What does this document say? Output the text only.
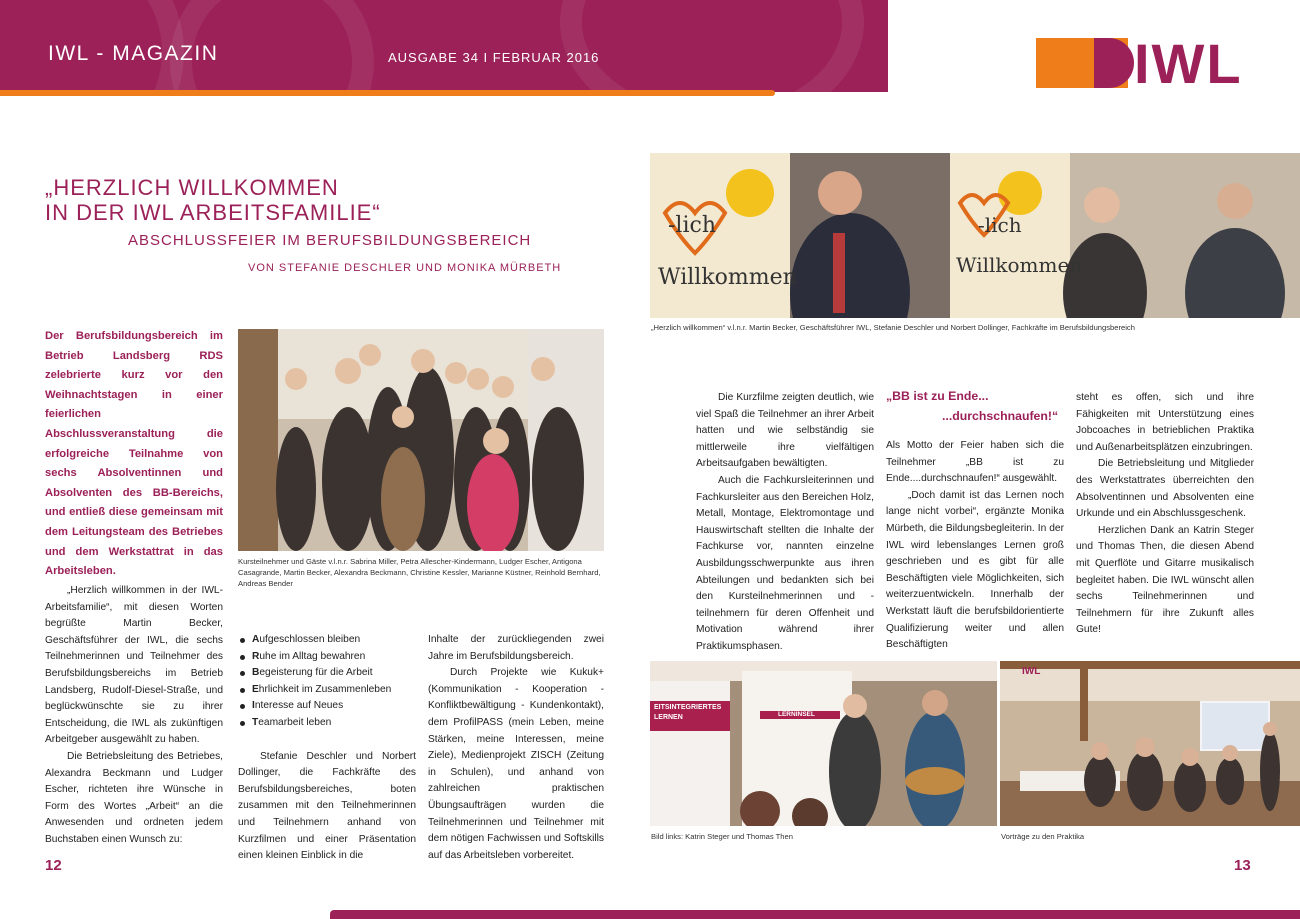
IWL - MAGAZIN	AUSGABE 34 I FEBRUAR 2016	IWL
„HERZLICH WILLKOMMEN
IN DER IWL ARBEITSFAMILIE“
ABSCHLUSSFEIER IM BERUFSBILDUNGSBEREICH
VON STEFANIE DESCHLER UND MONIKA MÜRBETH
Der Berufsbildungsbereich im Betrieb Landsberg RDS zelebrierte kurz vor den Weihnachtstagen in einer feierlichen Abschlussveranstaltung die erfolgreiche Teilnahme von sechs Absolventinnen und Absolventen des BB-Bereichs, und entließ diese gemeinsam mit dem Leitungsteam des Betriebes und dem Werkstattrat in das Arbeitsleben.
Kursteilnehmer und Gäste v.l.n.r. Sabrina Miller, Petra Allescher-Kindermann, Ludger Escher, Antigona Casagrande, Martin Becker, Alexandra Beckmann, Christine Kessler, Marianne Küstner, Reinhold Bernhard, Andreas Bender

„Herzlich willkommen in der IWL-Arbeitsfamilie“, mit diesen Worten begrüßte Martin Becker, Geschäftsführer der IWL, die sechs Teilnehmerinnen und Teilnehmer des Berufsbildungsbereichs im Betrieb Landsberg, Rudolf-Diesel-Straße, und beglückwünschte sie zu ihrer Entscheidung, die IWL als zukünftigen Arbeitgeber ausgewählt zu haben.

Die Betriebsleitung des Betriebes, Alexandra Beckmann und Ludger Escher, richteten ihre Wünsche in Form des Wortes „Arbeit“ an die Anwesenden und ordneten jedem Buchstaben einen Wunsch zu:

Aufgeschlossen bleiben
Ruhe im Alltag bewahren
Begeisterung für die Arbeit
Ehrlichkeit im Zusammenleben
Interesse auf Neues
Teamarbeit leben

Stefanie Deschler und Norbert Dollinger, die Fachkräfte des Berufsbildungsbereiches, boten zusammen mit den Teilnehmerinnen und Teilnehmern anhand von Kurzfilmen und einer Präsentation einen kleinen Einblick in die

Inhalte der zurückliegenden zwei Jahre im Berufsbildungsbereich.

Durch Projekte wie Kukuk+ (Kommunikation - Kooperation - Konfliktbewältigung - Kundenkontakt), dem ProfilPASS (mein Leben, meine Stärken, meine Interessen, meine Ziele), Medienprojekt ZISCH (Zeitung in Schulen), und anhand von zahlreichen praktischen Übungsaufträgen wurden die Teilnehmerinnen und Teilnehmer mit dem nötigen Fachwissen und Softskills auf das Arbeitsleben vorbereitet.

-lich
Willkommen
-lich
Willkommen
„Herzlich willkommen“ v.l.n.r. Martin Becker, Geschäftsführer IWL, Stefanie Deschler und Norbert Dollinger, Fachkräfte im Berufsbildungsbereich

Die Kurzfilme zeigten deutlich, wie viel Spaß die Teilnehmer an ihrer Arbeit hatten und wie selbständig sie mittlerweile ihre vielfältigen Arbeitsaufgaben bewältigten.

Auch die Fachkursleiterinnen und Fachkursleiter aus den Bereichen Holz, Metall, Montage, Elektromontage und Hauswirtschaft stellten die Inhalte der Fachkurse vor, nannten einzelne Ausbildungsschwerpunkte aus ihren Abteilungen und bedankten sich bei den Kursteilnehmerinnen und -teilnehmern für deren Offenheit und Motivation während ihrer Praktikumsphasen.

„BB ist zu Ende...
...durchschnaufen!“

Als Motto der Feier haben sich die Teilnehmer „BB ist zu Ende....durchschnaufen!“ ausgewählt.

„Doch damit ist das Lernen noch lange nicht vorbei“, ergänzte Monika Mürbeth, die Bildungsbegleiterin. In der IWL wird lebenslanges Lernen groß geschrieben und es gibt für alle Beschäftigten viele Möglichkeiten, sich weiterzuentwickeln. Innerhalb der Werkstatt läuft die berufsbildorientierte Qualifizierung weiter und allen Beschäftigten

steht es offen, sich und ihre Fähigkeiten mit Unterstützung eines Jobcoaches in betrieblichen Praktika und Außenarbeitsplätzen einzubringen.

Die Betriebsleitung und Mitglieder des Werkstattrates überreichten den Absolventinnen und Absolventen eine Urkunde und ein Abschlussgeschenk.

Herzlichen Dank an Katrin Steger und Thomas Then, die diesen Abend mit Querflöte und Gitarre musikalisch begleitet haben. Die IWL wünscht allen sechs Teilnehmerinnen und Teilnehmern für ihre Zukunft alles Gute!

EITSINTEGRIERTES LERNEN	LERNINSEL
IWL
Bild links: Katrin Steger und Thomas Then	Vorträge zu den Praktika
12	13
